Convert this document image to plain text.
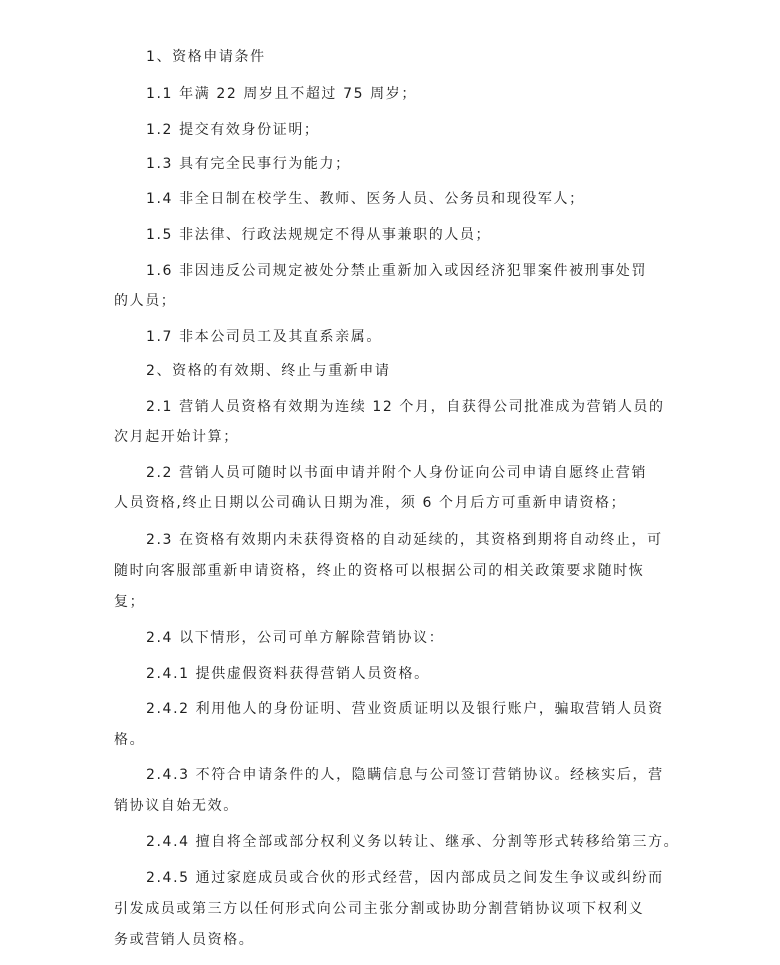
1、资格申请条件
1.1 年满 22 周岁且不超过 75 周岁；
1.2 提交有效身份证明；
1.3 具有完全民事行为能力；
1.4 非全日制在校学生、教师、医务人员、公务员和现役军人；
1.5 非法律、行政法规规定不得从事兼职的人员；
1.6 非因违反公司规定被处分禁止重新加入或因经济犯罪案件被刑事处罚
的人员；
1.7 非本公司员工及其直系亲属。
2、资格的有效期、终止与重新申请
2.1 营销人员资格有效期为连续 12 个月，自获得公司批准成为营销人员的
次月起开始计算；
2.2 营销人员可随时以书面申请并附个人身份证向公司申请自愿终止营销
人员资格,终止日期以公司确认日期为准，须 6 个月后方可重新申请资格；
2.3 在资格有效期内未获得资格的自动延续的，其资格到期将自动终止，可
随时向客服部重新申请资格，终止的资格可以根据公司的相关政策要求随时恢
复；
2.4 以下情形，公司可单方解除营销协议：
2.4.1 提供虚假资料获得营销人员资格。
2.4.2 利用他人的身份证明、营业资质证明以及银行账户，骗取营销人员资
格。
2.4.3 不符合申请条件的人，隐瞒信息与公司签订营销协议。经核实后，营
销协议自始无效。
2.4.4 擅自将全部或部分权利义务以转让、继承、分割等形式转移给第三方。
2.4.5 通过家庭成员或合伙的形式经营，因内部成员之间发生争议或纠纷而
引发成员或第三方以任何形式向公司主张分割或协助分割营销协议项下权利义
务或营销人员资格。
